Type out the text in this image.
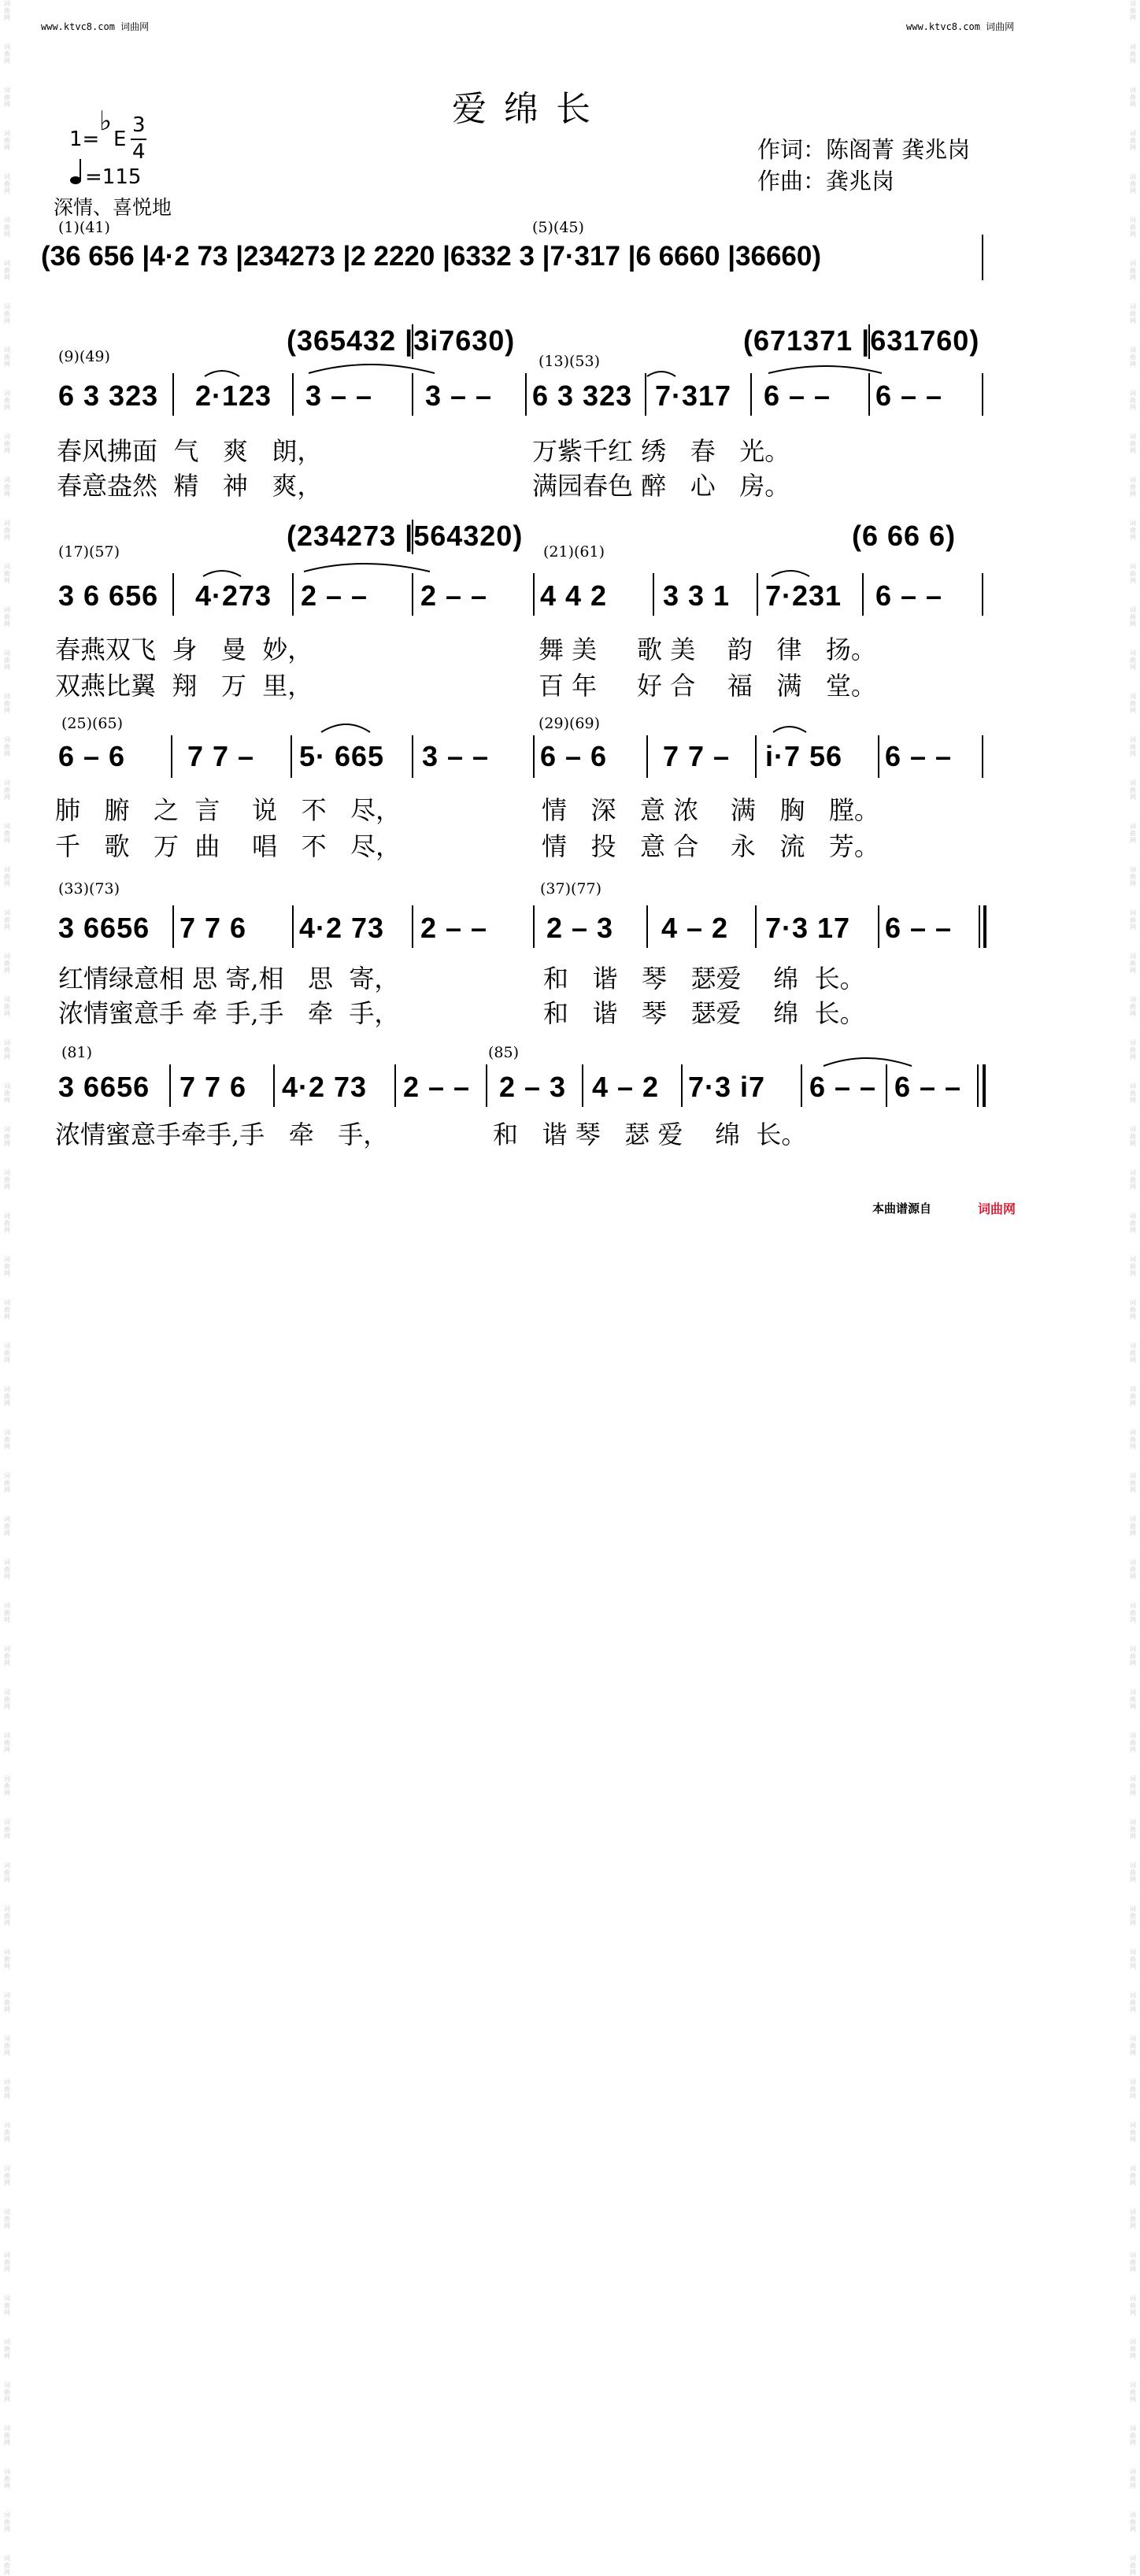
词
曲
网
词
曲
网
词
曲
网
词
曲
网
词
曲
网
词
曲
网
词
曲
网
词
曲
网
词
曲
网
词
曲
网
词
曲
网
词
曲
网
词
曲
网
词
曲
网
词
曲
网
词
曲
网
词
曲
网
词
曲
网
词
曲
网
词
曲
网
词
曲
网
词
曲
网
词
曲
网
词
曲
网
词
曲
网
词
曲
网
词
曲
网
词
曲
网
词
曲
网
词
曲
网
词
曲
网
词
曲
网
词
曲
网
词
曲
网
词
曲
网
词
曲
网
词
曲
网
词
曲
网
词
曲
网
词
曲
网
词
曲
网
词
曲
网
词
曲
网
词
曲
网
词
曲
网
词
曲
网
词
曲
网
词
曲
网
词
曲
网
词
曲
网
词
曲
网
词
曲
网
词
曲
网
词
曲
网
词
曲
网
词
曲
网
词
曲
网
词
曲
网
词
曲
网
词
曲
网
词
曲
网
词
曲
网
词
曲
网
词
曲
网
词
曲
网
词
曲
网
词
曲
网
词
曲
网
词
曲
网
词
曲
网
词
曲
网
词
曲
网
词
曲
网
词
曲
网
词
曲
网
词
曲
网
词
曲
网
词
曲
网
词
曲
网
词
曲
网
词
曲
网
词
曲
网
词
曲
网
词
曲
网
词
曲
网
词
曲
网
词
曲
网
词
曲
网
词
曲
网
词
曲
网
词
曲
网
词
曲
网
词
曲
网
词
曲
网
词
曲
网
词
曲
网
词
曲
网
词
曲
网
词
曲
网
词
曲
网
词
曲
网
词
曲
网
词
曲
网
词
曲
网
词
曲
网
词
曲
网
词
曲
网
词
曲
网
词
曲
网
词
曲
网
词
曲
网
词
曲
网
词
曲
网
词
曲
网
词
曲
网
词
曲
网
词
曲
网
词
曲
网
词
曲
网
词
曲
网
www.ktvc8.com 词曲网	www.ktvc8.com 词曲网
爱绵长
1=
♭
E
3
4
=115
深情、喜悦地
作词：陈阁菁 龚兆岗
作曲：龚兆岗
(1)(41)	(5)(45)
(36 656 |4·2 73 |234273 |2 2220 |6332 3 |7·317 |6 6660 |36660)
(9)(49)	(13)(53)
(365432 |3i7630)	(671371 |631760)
6 3 323 2·123 3 – – 3 – – 6 3 323 7·317 6 – – 6 – –
春风拂面  气   爽   朗，	万紫千红 绣   春   光。
春意盎然  精   神   爽，	满园春色 醉   心   房。
(17)(57)	(21)(61)
(234273 |564320)	(6 66 6)
3 6 656 4·273 2 – – 2 – – 4 4 2 3 3 1 7·231 6 – –
春燕双飞  身   曼  妙，	舞 美     歌 美    韵   律   扬。
双燕比翼  翔   万  里，	百 年     好 合    福   满   堂。
(25)(65)	(29)(69)
6 – 6 7 7 – 5· 665 3 – – 6 – 6 7 7 – i·7 56 6 – –
肺   腑   之  言    说   不   尽，	情   深   意 浓    满   胸   膛。
千   歌   万  曲    唱   不   尽，	情   投   意 合    永   流   芳。
(33)(73)	(37)(77)
3 6656 7 7 6 4·2 73 2 – – 2 – 3 4 – 2 7·3 17 6 – –
红情绿意相 思 寄,相   思  寄，	和   谐   琴   瑟爱    绵  长。
浓情蜜意手 牵 手,手   牵  手，	和   谐   琴   瑟爱    绵  长。
(81)	(85)
3 6656 7 7 6 4·2 73 2 – – 2 – 3 4 – 2 7·3 i7 6 – – 6 – –
浓情蜜意手牵手,手   牵   手，	和   谐 琴   瑟 爱    绵  长。
本曲谱源自	词曲网
